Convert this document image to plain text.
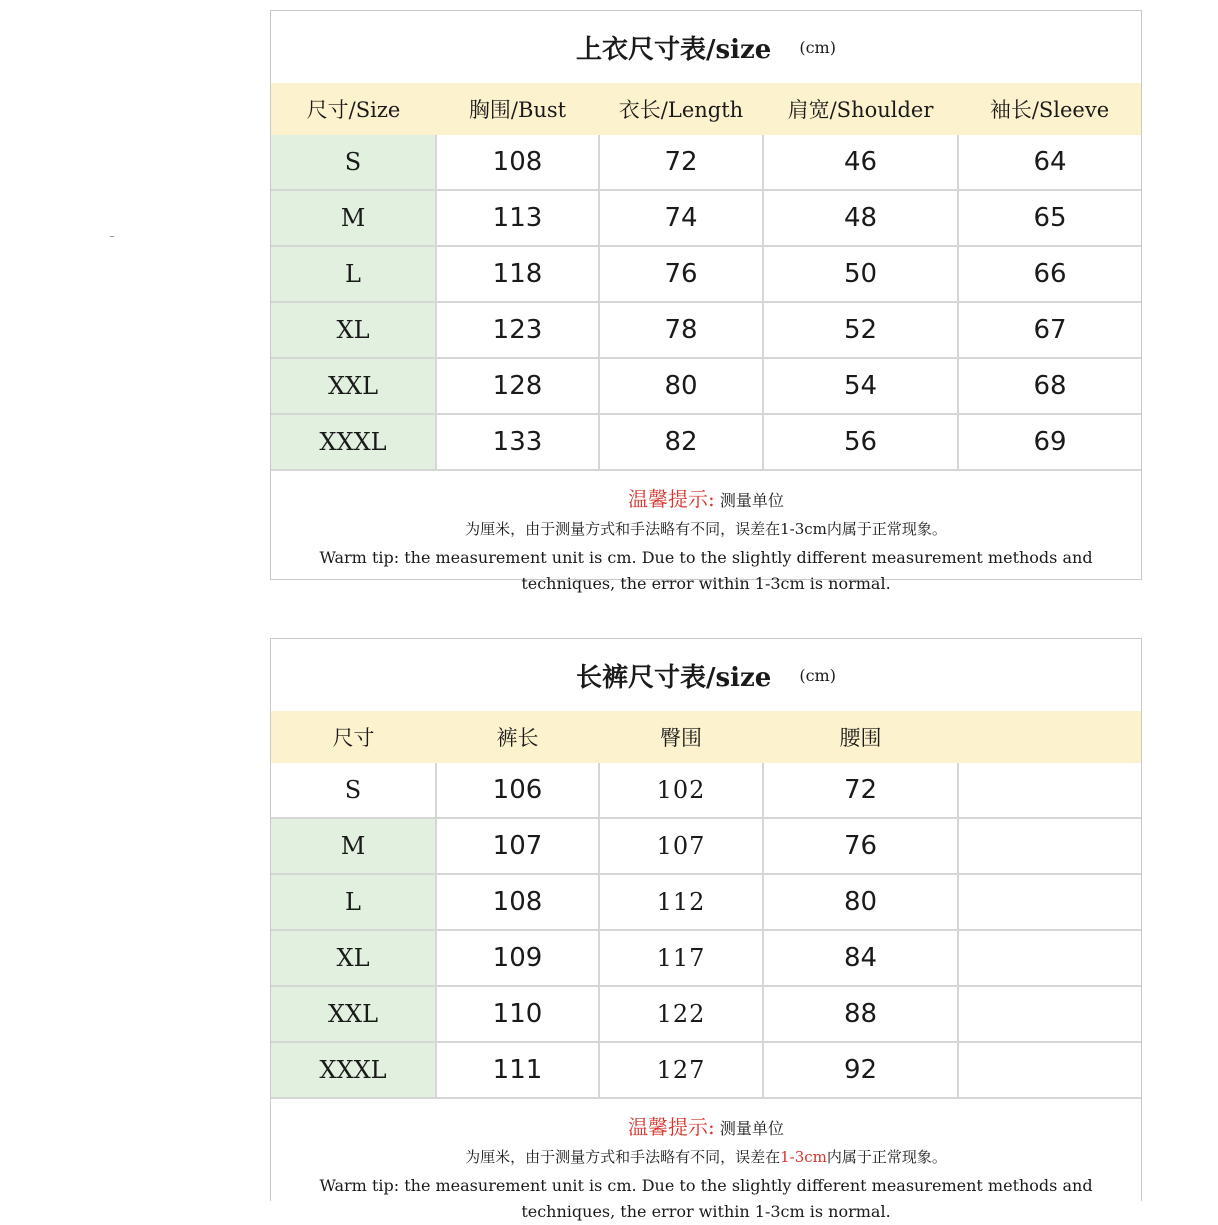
上衣尺寸表/size (cm)
尺寸/Size	胸围/Bust	衣长/Length	肩宽/Shoulder	袖长/Sleeve
S	108	72	46	64
M	113	74	48	65
L	118	76	50	66
XL	123	78	52	67
XXL	128	80	54	68
XXXL	133	82	56	69
温馨提示: 测量单位
为厘米，由于测量方式和手法略有不同，误差在1-3cm内属于正常现象。
Warm tip: the measurement unit is cm. Due to the slightly different measurement methods and techniques, the error within 1-3cm is normal.
长裤尺寸表/size (cm)
尺寸	裤长	臀围	腰围	
S	106	102	72	
M	107	107	76	
L	108	112	80	
XL	109	117	84	
XXL	110	122	88	
XXXL	111	127	92	
温馨提示: 测量单位
为厘米，由于测量方式和手法略有不同，误差在1-3cm内属于正常现象。
Warm tip: the measurement unit is cm. Due to the slightly different measurement methods and techniques, the error within 1-3cm is normal.
